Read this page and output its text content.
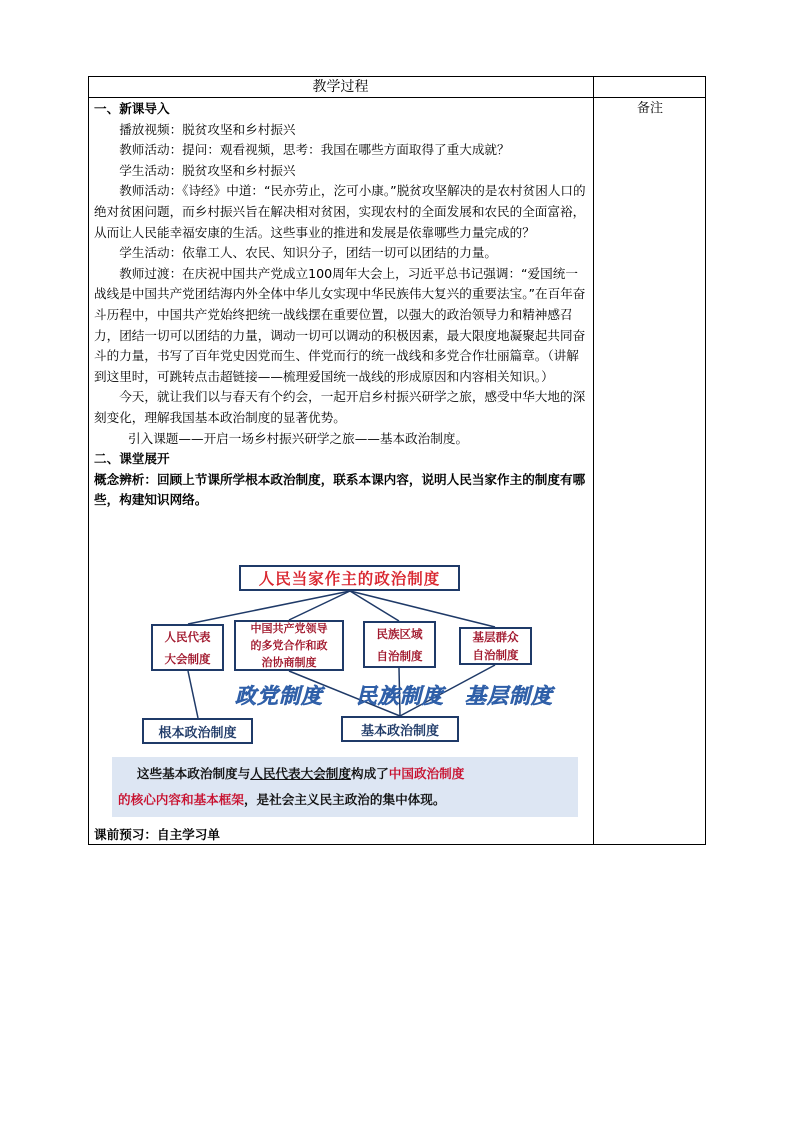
教学过程
备注

一、新课导入

播放视频：脱贫攻坚和乡村振兴

教师活动：提问：观看视频，思考：我国在哪些方面取得了重大成就？

学生活动：脱贫攻坚和乡村振兴

教师活动：《诗经》中道：“民亦劳止，汔可小康。”脱贫攻坚解决的是农村贫困人口的绝对贫困问题，而乡村振兴旨在解决相对贫困，实现农村的全面发展和农民的全面富裕，从而让人民能幸福安康的生活。这些事业的推进和发展是依靠哪些力量完成的？

学生活动：依靠工人、农民、知识分子，团结一切可以团结的力量。

教师过渡：在庆祝中国共产党成立100周年大会上，习近平总书记强调：“爱国统一战线是中国共产党团结海内外全体中华儿女实现中华民族伟大复兴的重要法宝。”在百年奋斗历程中，中国共产党始终把统一战线摆在重要位置，以强大的政治领导力和精神感召力，团结一切可以团结的力量，调动一切可以调动的积极因素，最大限度地凝聚起共同奋斗的力量，书写了百年党史因党而生、伴党而行的统一战线和多党合作壮丽篇章。（讲解到这里时，可跳转点击超链接——梳理爱国统一战线的形成原因和内容相关知识。）

今天，就让我们以与春天有个约会，一起开启乡村振兴研学之旅，感受中华大地的深刻变化，理解我国基本政治制度的显著优势。

引入课题——开启一场乡村振兴研学之旅——基本政治制度。

二、课堂展开

概念辨析：回顾上节课所学根本政治制度，联系本课内容，说明人民当家作主的制度有哪些，构建知识网络。

人民当家作主的政治制度
人民代表
大会制度
中国共产党领导
的多党合作和政
治协商制度
民族区域
自治制度
基层群众
自治制度
政党制度 民族制度 基层制度
根本政治制度	基本政治制度
这些基本政治制度与人民代表大会制度构成了中国政治制度
的核心内容和基本框架，是社会主义民主政治的集中体现。
课前预习：自主学习单
